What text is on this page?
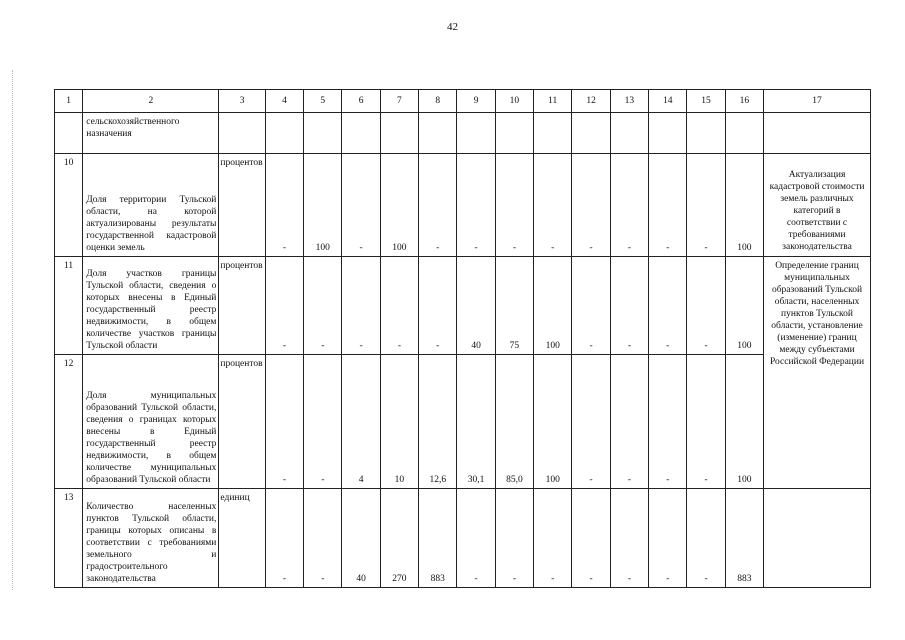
42
1	2	3	4	5	6	7	8	9	10	11	12	13	14	15	16	17
	сельскохозяйственного назначения															
10	Доля территории Тульской области, на которой актуализированы результаты государственной кадастровой оценки земель	процентов	-	100	-	100	-	-	-	-	-	-	-	-	100	Актуализация кадастровой стоимости земель различных категорий в соответствии с требованиями законодательства
11	Доля участков границы Тульской области, сведения о которых внесены в Единый государственный реестр недвижимости, в общем количестве участков границы Тульской области	процентов	-	-	-	-	-	40	75	100	-	-	-	-	100	Определение границ муниципальных образований Тульской области, населенных пунктов Тульской области, установление (изменение) границ между субъектами Российской Федерации
12	Доля муниципальных образований Тульской области, сведения о границах которых внесены в Единый государственный реестр недвижимости, в общем количестве муниципальных образований Тульской области	процентов	-	-	4	10	12,6	30,1	85,0	100	-	-	-	-	100	
13	Количество населенных пунктов Тульской области, границы которых описаны в соответствии с требованиями земельного и градостроительного законодательства	единиц	-	-	40	270	883	-	-	-	-	-	-	-	883	
